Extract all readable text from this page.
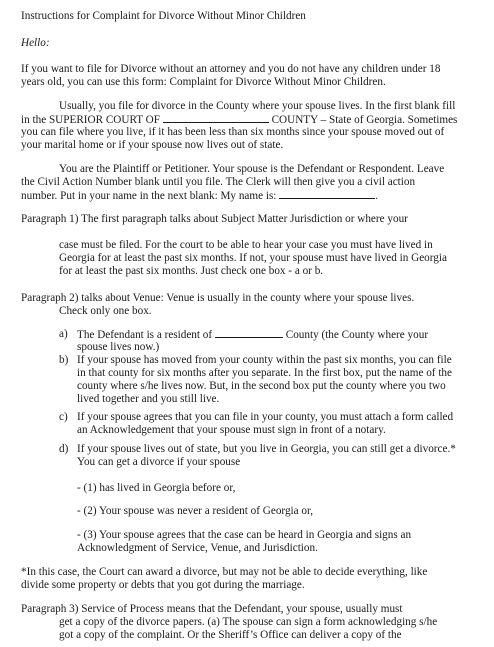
Instructions for Complaint for Divorce Without Minor Children
Hello:
If you want to file for Divorce without an attorney and you do not have any children under 18
years old, you can use this form: Complaint for Divorce Without Minor Children.
Usually, you file for divorce in the County where your spouse lives. In the first blank fill
in the SUPERIOR COURT OF	COUNTY – State of Georgia. Sometimes
you can file where you live, if it has been less than six months since your spouse moved out of
your marital home or if your spouse now lives out of state.
You are the Plaintiff or Petitioner. Your spouse is the Defendant or Respondent. Leave
the Civil Action Number blank until you file. The Clerk will then give you a civil action
number. Put in your name in the next blank: My name is:	.
Paragraph 1) The first paragraph talks about Subject Matter Jurisdiction or where your
case must be filed. For the court to be able to hear your case you must have lived in
Georgia for at least the past six months. If not, your spouse must have lived in Georgia
for at least the past six months. Just check one box - a or b.
Paragraph 2) talks about Venue: Venue is usually in the county where your spouse lives.
Check only one box.
a) The Defendant is a resident of	County (the County where your
spouse lives now.)
b) If your spouse has moved from your county within the past six months, you can file
in that county for six months after you separate. In the first box, put the name of the
county where s/he lives now. But, in the second box put the county where you two
lived together and you still live.
c) If your spouse agrees that you can file in your county, you must attach a form called
an Acknowledgement that your spouse must sign in front of a notary.
d) If your spouse lives out of state, but you live in Georgia, you can still get a divorce.*
You can get a divorce if your spouse
- (1) has lived in Georgia before or,
- (2) Your spouse was never a resident of Georgia or,
- (3) Your spouse agrees that the case can be heard in Georgia and signs an
Acknowledgment of Service, Venue, and Jurisdiction.
*In this case, the Court can award a divorce, but may not be able to decide everything, like
divide some property or debts that you got during the marriage.
Paragraph 3) Service of Process means that the Defendant, your spouse, usually must
get a copy of the divorce papers. (a) The spouse can sign a form acknowledging s/he
got a copy of the complaint. Or the Sheriff’s Office can deliver a copy of the
